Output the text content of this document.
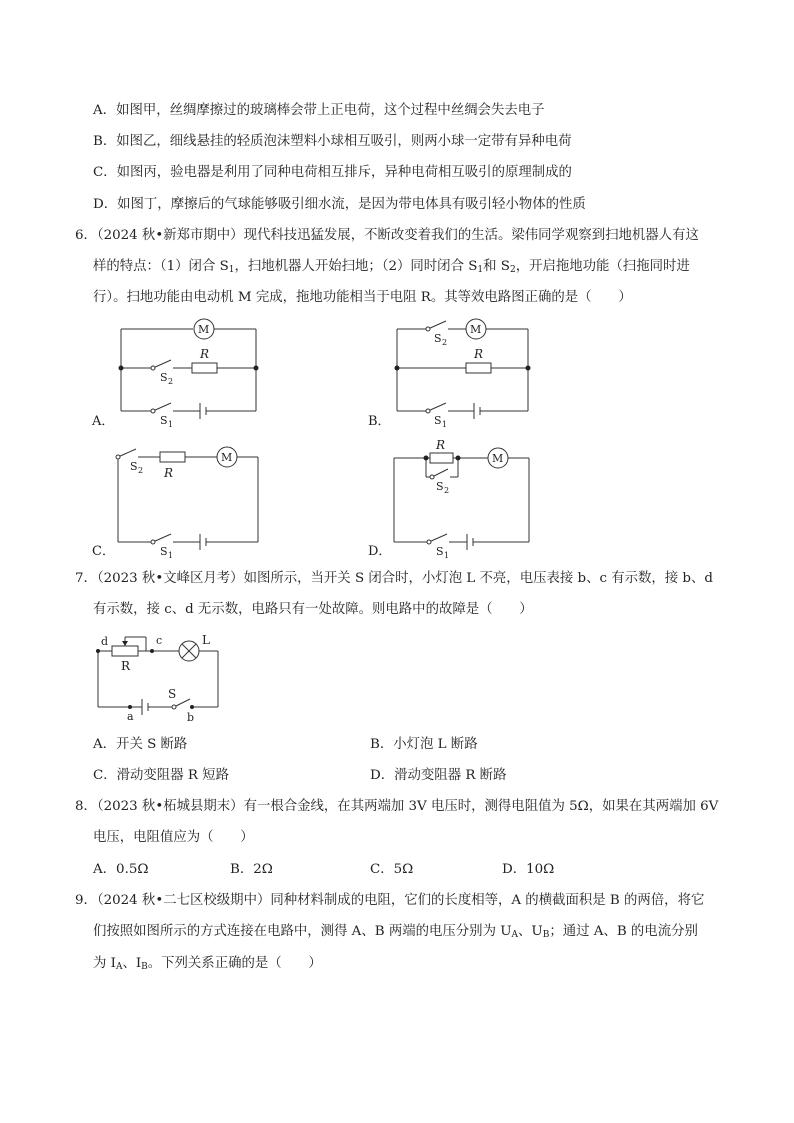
A．如图甲，丝绸摩擦过的玻璃棒会带上正电荷，这个过程中丝绸会失去电子
B．如图乙，细线悬挂的轻质泡沫塑料小球相互吸引，则两小球一定带有异种电荷
C．如图丙，验电器是利用了同种电荷相互排斥，异种电荷相互吸引的原理制成的
D．如图丁，摩擦后的气球能够吸引细水流，是因为带电体具有吸引轻小物体的性质
6．（2024 秋•新郑市期中）现代科技迅猛发展，不断改变着我们的生活。梁伟同学观察到扫地机器人有这
样的特点：（1）闭合 $S_1$，扫地机器人开始扫地；（2）同时闭合 $S_1$和 $S_2$，开启拖地功能（扫拖同时进
行）。扫地功能由电动机 M 完成，拖地功能相当于电阻 R。其等效电路图正确的是（　　）
A．
M
R
S 2
S 1	B．
M
R
S 2
S 1
C．
M
R
S 2
S 1	D．
M
R
S 2
S 1
7．（2023 秋•文峰区月考）如图所示，当开关 S 闭合时，小灯泡 L 不亮，电压表接 b、c 有示数，接 b、d
有示数，接 c、d 无示数，电路只有一处故障。则电路中的故障是（　　）
d	c	L
R
S
a	b
A．开关 S 断路	B．小灯泡 L 断路
C．滑动变阻器 R 短路	D．滑动变阻器 R 断路
8．（2023 秋•柘城县期末）有一根合金线，在其两端加 3V 电压时，测得电阻值为 5Ω，如果在其两端加 6V
电压，电阻值应为（　　）
A．0.5Ω	B．2Ω	C．5Ω	D．10Ω
9．（2024 秋•二七区校级期中）同种材料制成的电阻，它们的长度相等，A 的横截面积是 B 的两倍，将它
们按照如图所示的方式连接在电路中，测得 A、B 两端的电压分别为 $U_A$、$U_B$；通过 A、B 的电流分别
为 $I_A$、$I_B$。下列关系正确的是（　　）
